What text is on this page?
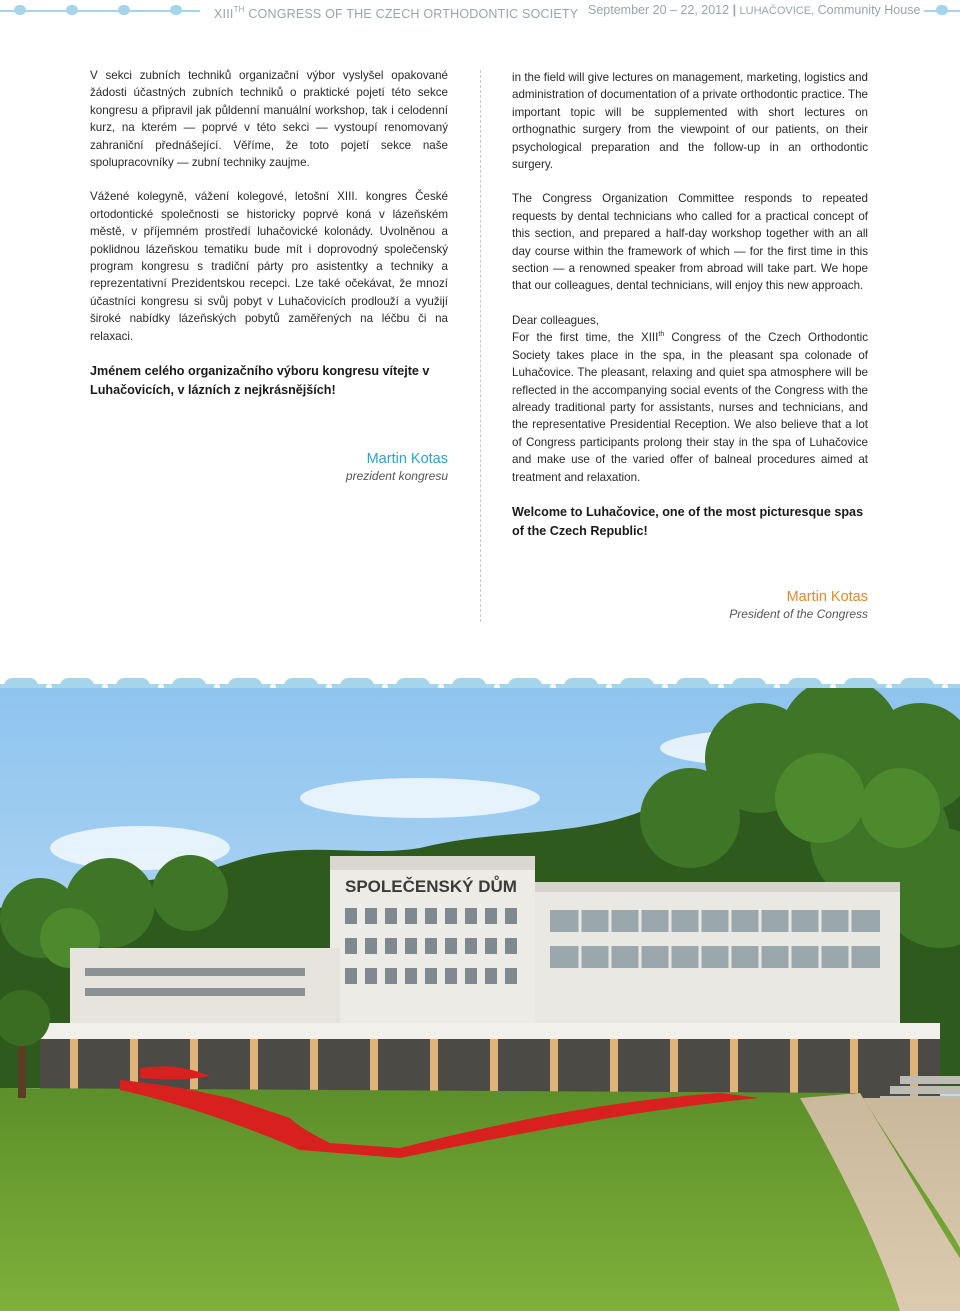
XIIITH CONGRESS OF THE CZECH ORTHODONTIC SOCIETY September 20 – 22, 2012 | LUHAČOVICE, Community House

V sekci zubních techniků organizační výbor vyslyšel opakované žádosti účastných zubních techniků o praktické pojetí této sekce kongresu a připravil jak půldenní manuální workshop, tak i celodenní kurz, na kterém — poprvé v této sekci — vystoupí renomovaný zahraniční přednášející. Věříme, že toto pojetí sekce naše spolupracovníky — zubní techniky zaujme.

Vážené kolegyně, vážení kolegové, letošní XIII. kongres České ortodontické společnosti se historicky poprvé koná v lázeňském městě, v příjemném prostředí luhačovické kolonády. Uvolněnou a poklidnou lázeňskou tematiku bude mít i doprovodný společenský program kongresu s tradiční párty pro asistentky a techniky a reprezentativní Prezidentskou recepci. Lze také očekávat, že mnozí účastníci kongresu si svůj pobyt v Luhačovicích prodlouží a využijí široké nabídky lázeňských pobytů zaměřených na léčbu či na relaxaci.

Jménem celého organizačního výboru kongresu vítejte v Luhačovicích, v lázních z nejkrásnějších!

Martin Kotas
prezident kongresu

in the field will give lectures on management, marketing, logistics and administration of documentation of a private orthodontic practice. The important topic will be supplemented with short lectures on orthognathic surgery from the viewpoint of our patients, on their psychological preparation and the follow-up in an orthodontic surgery.

The Congress Organization Committee responds to repeated requests by dental technicians who called for a practical concept of this section, and prepared a half-day workshop together with an all day course within the framework of which — for the first time in this section — a renowned speaker from abroad will take part. We hope that our colleagues, dental technicians, will enjoy this new approach.

Dear colleagues,

For the first time, the XIIIth Congress of the Czech Orthodontic Society takes place in the spa, in the pleasant spa colonade of Luhačovice. The pleasant, relaxing and quiet spa atmosphere will be reflected in the accompanying social events of the Congress with the already traditional party for assistants, nurses and technicians, and the representative Presidential Reception. We also believe that a lot of Congress participants prolong their stay in the spa of Luhačovice and make use of the varied offer of balneal procedures aimed at treatment and relaxation.

Welcome to Luhačovice, one of the most picturesque spas of the Czech Republic!

Martin Kotas
President of the Congress
SPOLEČENSKÝ DŮM
